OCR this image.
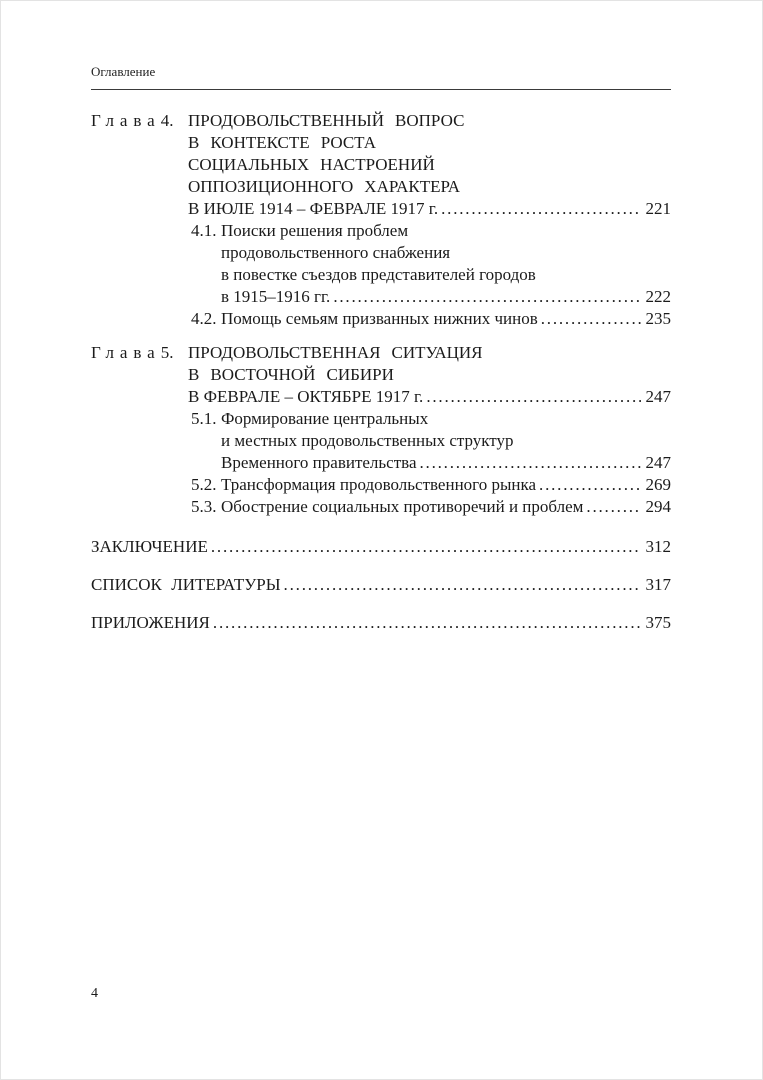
Оглавление
Глава4. ПРОДОВОЛЬСТВЕННЫЙ ВОПРОС
В КОНТЕКСТЕ РОСТА
СОЦИАЛЬНЫХ НАСТРОЕНИЙ
ОППОЗИЦИОННОГО ХАРАКТЕРА
В ИЮЛЕ 1914 – ФЕВРАЛЕ 1917 г. .....	221
4.1. Поиски решения проблем
продовольственного снабжения
в повестке съездов представителей городов
в 1915–1916 гг. .....	222
4.2. Помощь семьям призванных нижних чинов .....	235
Глава5. ПРОДОВОЛЬСТВЕННАЯ СИТУАЦИЯ
В ВОСТОЧНОЙ СИБИРИ
В ФЕВРАЛЕ – ОКТЯБРЕ 1917 г. .....	247
5.1. Формирование центральных
и местных продовольственных структур
Временного правительства .....	247
5.2. Трансформация продовольственного рынка .....	269
5.3. Обострение социальных противоречий и проблем .....	294
ЗАКЛЮЧЕНИЕ .....	312
СПИСОК ЛИТЕРАТУРЫ .....	317
ПРИЛОЖЕНИЯ .....	375
4
